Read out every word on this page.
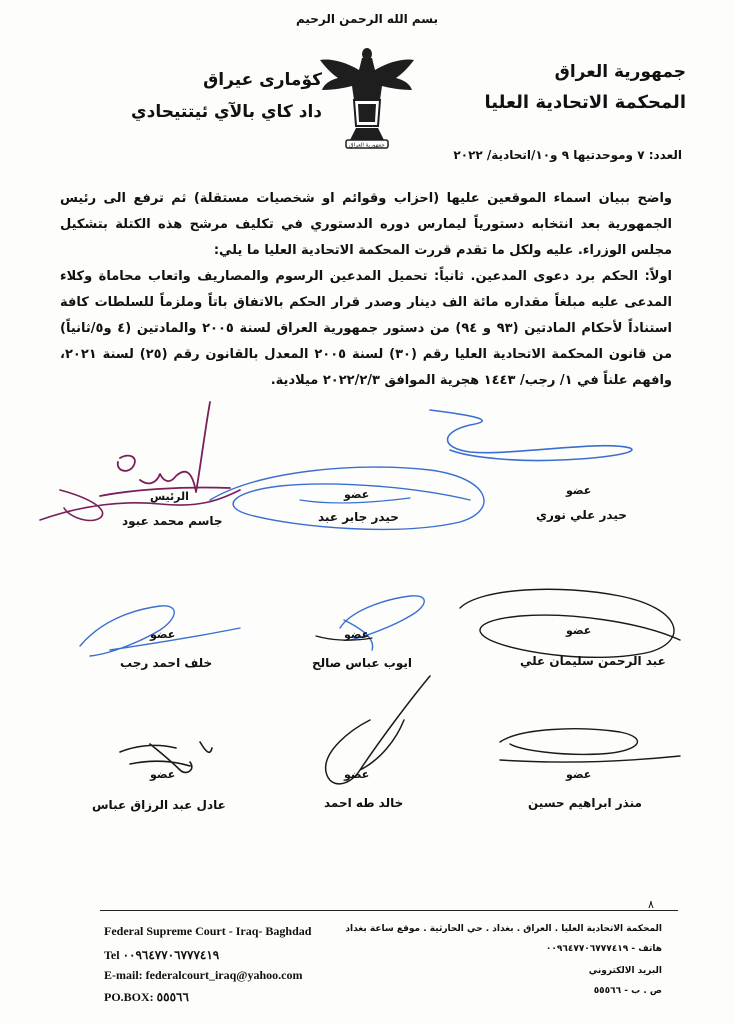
بسم الله الرحمن الرحيم
جمهورية العراق
المحكمة الاتحادية العليا
جمهورية العراق
كۆماری عیراق
داد كاي بالآي ئيتتيحادي
العدد: ٧ وموحدتيها ٩ و١٠/اتحادية/ ٢٠٢٢

واضح ببيان اسماء الموقعين عليها (احزاب وقوائم او شخصيات مستقلة) ثم ترفع الى رئيس الجمهورية بعد انتخابه دستورياً ليمارس دوره الدستوري في تكليف مرشح هذه الكتلة بتشكيل مجلس الوزراء. عليه ولكل ما تقدم قررت المحكمة الاتحادية العليا ما يلي:

اولاً: الحكم برد دعوى المدعين. ثانياً: تحميل المدعين الرسوم والمصاريف واتعاب محاماة وكلاء المدعى عليه مبلغاً مقداره مائة الف دينار وصدر قرار الحكم بالاتفاق باتاً وملزماً للسلطات كافة استناداً لأحكام المادتين (٩٣ و ٩٤) من دستور جمهورية العراق لسنة ٢٠٠٥ والمادتين (٤ و٥/ثانياً) من قانون المحكمة الاتحادية العليا رقم (٣٠) لسنة ٢٠٠٥ المعدل بالقانون رقم (٢٥) لسنة ٢٠٢١، وافهم علناً في ١/ رجب/ ١٤٤٣ هجرية الموافق ٢٠٢٢/٢/٣ ميلادية.

عضو
حيدر علي نوري
عضو
حيدر جابر عبد
الرئيس
جاسم محمد عبود
عضو
عبد الرحمن سليمان علي
عضو
ايوب عباس صالح
عضو
خلف احمد رجب
عضو
منذر ابراهيم حسين
عضو
خالد طه احمد
عضو
عادل عبد الرزاق عباس
٨
Federal Supreme Court - Iraq- Baghdad
Tel ٠٠٩٦٤٧٧٠٦٧٧٧٤١٩
E-mail: federalcourt_iraq@yahoo.com
PO.BOX: ٥٥٥٦٦
المحكمة الاتحادية العليا . العراق . بغداد . حي الحارثية . موقع ساعة بغداد
هاتف - ٠٠٩٦٤٧٧٠٦٧٧٧٤١٩
البريد الالكتروني
ص . ب - ٥٥٥٦٦
